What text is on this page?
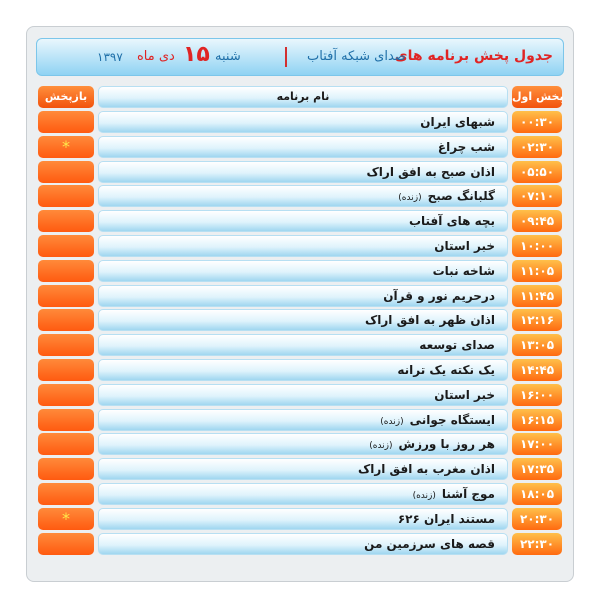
جدول پخش برنامه های
صدای شبکه آفتاب
شنبه
۱۵
دی ماه
۱۳۹۷
پخش اول
نام برنامه
بازپخش
۰۰:۳۰
شبهای ایران
۰۲:۳۰
شب چراغ
*
۰۵:۵۰
اذان صبح به افق اراک
۰۷:۱۰
گلبانگ صبح(زنده)
۰۹:۴۵
بچه های آفتاب
۱۰:۰۰
خبر استان
۱۱:۰۵
شاخه نبات
۱۱:۴۵
درحریم نور و قرآن
۱۲:۱۶
اذان ظهر به افق اراک
۱۳:۰۵
صدای توسعه
۱۴:۴۵
یک نکته یک ترانه
۱۶:۰۰
خبر استان
۱۶:۱۵
ایستگاه جوانی(زنده)
۱۷:۰۰
هر روز با ورزش(زنده)
۱۷:۳۵
اذان مغرب به افق اراک
۱۸:۰۵
موج آشنا(زنده)
۲۰:۳۰
مستند ایران ۶۲۶
*
۲۲:۳۰
قصه های سرزمین من
